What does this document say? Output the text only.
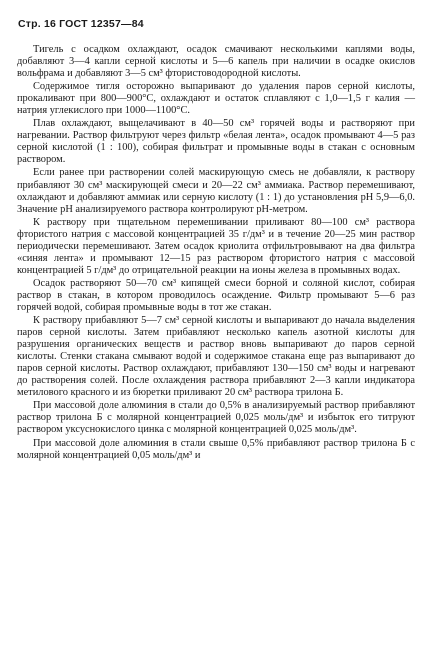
Стр. 16 ГОСТ 12357—84

Тигель с осадком охлаждают, осадок смачивают несколькими каплями воды, добавляют 3—4 капли серной кислоты и 5—6 капель при наличии в осадке окислов вольфрама и добавляют 3—5 см³ фтористоводородной кислоты.

Содержимое тигля осторожно выпаривают до удаления паров серной кислоты, прокаливают при 800—900°С, охлаждают и остаток сплавляют с 1,0—1,5 г калия — натрия углекислого при 1000—1100°С.

Плав охлаждают, выщелачивают в 40—50 см³ горячей воды и растворяют при нагревании. Раствор фильтруют через фильтр «белая лента», осадок промывают 4—5 раз серной кислотой (1 : 100), собирая фильтрат и промывные воды в стакан с основным раствором.

Если ранее при растворении солей маскирующую смесь не добавляли, к раствору прибавляют 30 см³ маскирующей смеси и 20—22 см³ аммиака. Раствор перемешивают, охлаждают и добавляют аммиак или серную кислоту (1 : 1) до установления pH 5,9—6,0. Значение pH анализируемого раствора контролируют pH-метром.

К раствору при тщательном перемешивании приливают 80—100 см³ раствора фтористого натрия с массовой концентрацией 35 г/дм³ и в течение 20—25 мин раствор периодически перемешивают. Затем осадок криолита отфильтровывают на два фильтра «синяя лента» и промывают 12—15 раз раствором фтористого натрия с массовой концентрацией 5 г/дм³ до отрицательной реакции на ионы железа в промывных водах.

Осадок растворяют 50—70 см³ кипящей смеси борной и соляной кислот, собирая раствор в стакан, в котором проводилось осаждение. Фильтр промывают 5—6 раз горячей водой, собирая промывные воды в тот же стакан.

К раствору прибавляют 5—7 см³ серной кислоты и выпаривают до начала выделения паров серной кислоты. Затем прибавляют несколько капель азотной кислоты для разрушения органических веществ и раствор вновь выпаривают до паров серной кислоты. Стенки стакана смывают водой и содержимое стакана еще раз выпаривают до паров серной кислоты. Раствор охлаждают, прибавляют 130—150 см³ воды и нагревают до растворения солей. После охлаждения раствора прибавляют 2—3 капли индикатора метилового красного и из бюретки приливают 20 см³ раствора трилона Б.

При массовой доле алюминия в стали до 0,5% в анализируемый раствор прибавляют раствор трилона Б с молярной концентрацией 0,025 моль/дм³ и избыток его титруют раствором уксуснокислого цинка с молярной концентрацией 0,025 моль/дм³.

При массовой доле алюминия в стали свыше 0,5% прибавляют раствор трилона Б с молярной концентрацией 0,05 моль/дм³ и
